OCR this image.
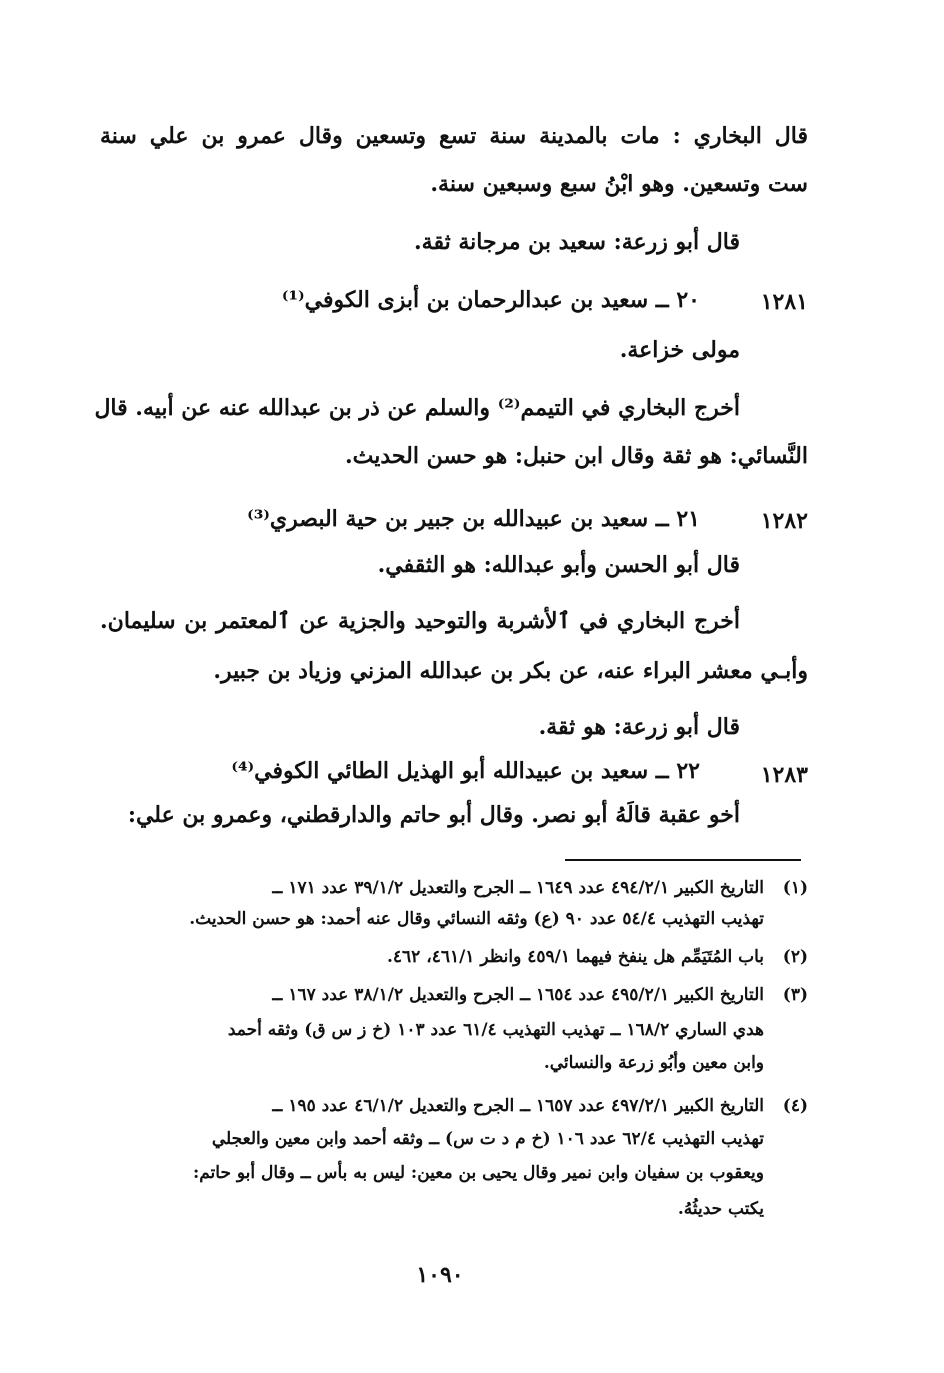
قال البخاري : مات بالمدينة سنة تسع وتسعين وقال عمرو بن علي سنة
ست وتسعين. وهو ابْنُ سبع وسبعين سنة.
قال أبو زرعة: سعيد بن مرجانة ثقة.
١٢٨١
٢٠ ــ سعيد بن عبدالرحمان بن أبزى الكوفي⁽¹⁾
مولى خزاعة.
أخرج البخاري في التيمم⁽²⁾ والسلم عن ذر بن عبدالله عنه عن أبيه. قال
النَّسائي: هو ثقة وقال ابن حنبل: هو حسن الحديث.
١٢٨٢
٢١ ــ سعيد بن عبيدالله بن جبير بن حية البصري⁽³⁾
قال أبو الحسن وأبو عبدالله: هو الثقفي.
أخرج البخاري في ٱلأشربة والتوحيد والجزية عن ٱلمعتمر بن سليمان.
وأبـي معشر البراء عنه، عن بكر بن عبدالله المزني وزياد بن جبير.
قال أبو زرعة: هو ثقة.
١٢٨٣
٢٢ ــ سعيد بن عبيدالله أبو الهذيل الطائي الكوفي⁽⁴⁾
أخو عقبة قالَهُ أبو نصر. وقال أبو حاتم والدارقطني، وعمرو بن علي:
(١)
التاريخ الكبير ٤٩٤/٢/١ عدد ١٦٤٩ ــ الجرح والتعديل ٣٩/١/٢ عدد ١٧١ ــ
تهذيب التهذيب ٥٤/٤ عدد ٩٠ (ع) وثقه النسائي وقال عنه أحمد: هو حسن الحديث.
(٢)
باب المُتَيَمِّم هل ينفخ فيهما ٤٥٩/١ وانظر ٤٦١/١، ٤٦٢.
(٣)
التاريخ الكبير ٤٩٥/٢/١ عدد ١٦٥٤ ــ الجرح والتعديل ٣٨/١/٢ عدد ١٦٧ ــ
هدي الساري ١٦٨/٢ ــ تهذيب التهذيب ٦١/٤ عدد ١٠٣ (خ ز س ق) وثقه أحمد
وابن معين وأبُو زرعة والنسائي.
(٤)
التاريخ الكبير ٤٩٧/٢/١ عدد ١٦٥٧ ــ الجرح والتعديل ٤٦/١/٢ عدد ١٩٥ ــ
تهذيب التهذيب ٦٢/٤ عدد ١٠٦ (خ م د ت س) ــ وثقه أحمد وابن معين والعجلي
ويعقوب بن سفيان وابن نمير وقال يحيى بن معين: ليس به بأس ــ وقال أبو حاتم:
يكتب حديثُهُ.
١٠٩٠
